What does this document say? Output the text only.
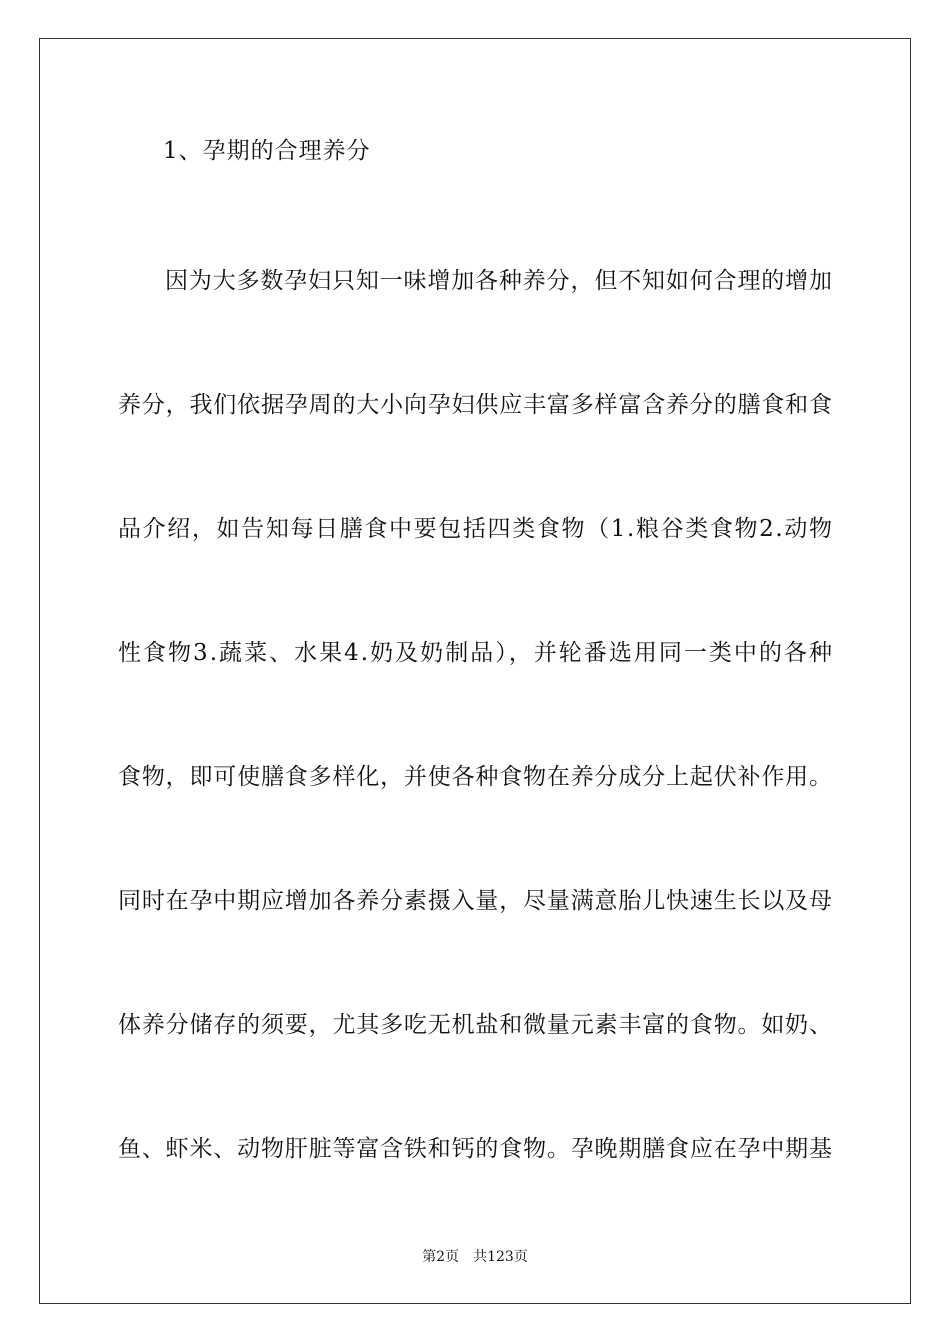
1、孕期的合理养分
因为大多数孕妇只知一味增加各种养分，但不知如何合理的增加
养分，我们依据孕周的大小向孕妇供应丰富多样富含养分的膳食和食
品介绍，如告知每日膳食中要包括四类食物（1.粮谷类食物2.动物
性食物3.蔬菜、水果4.奶及奶制品），并轮番选用同一类中的各种
食物，即可使膳食多样化，并使各种食物在养分成分上起伏补作用。
同时在孕中期应增加各养分素摄入量，尽量满意胎儿快速生长以及母
体养分储存的须要，尤其多吃无机盐和微量元素丰富的食物。如奶、
鱼、虾米、动物肝脏等富含铁和钙的食物。孕晚期膳食应在孕中期基
第2页 共123页
